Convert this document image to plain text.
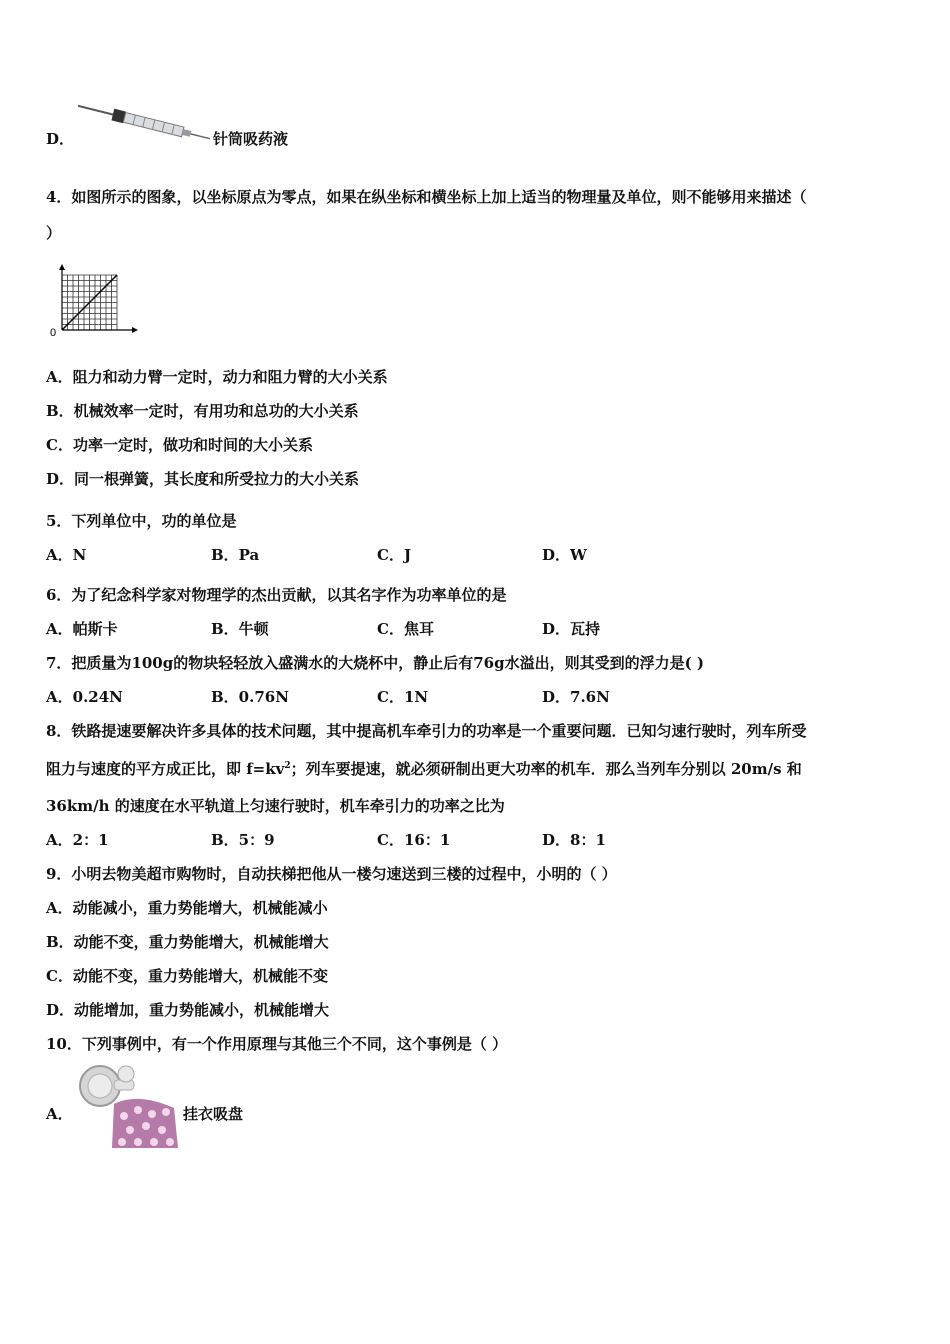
D．	针筒吸药液
4．如图所示的图象，以坐标原点为零点，如果在纵坐标和横坐标上加上适当的物理量及单位，则不能够用来描述（
）
0
A．阻力和动力臂一定时，动力和阻力臂的大小关系
B．机械效率一定时，有用功和总功的大小关系
C．功率一定时，做功和时间的大小关系
D．同一根弹簧，其长度和所受拉力的大小关系
5．下列单位中，功的单位是
A．N	B．Pa	C．J	D．W
6．为了纪念科学家对物理学的杰出贡献，以其名字作为功率单位的是
A．帕斯卡	B．牛顿	C．焦耳	D．瓦持
7．把质量为100g的物块轻轻放入盛满水的大烧杯中，静止后有76g水溢出，则其受到的浮力是( )
A．0.24N	B．0.76N	C．1N	D．7.6N
8．铁路提速要解决许多具体的技术问题，其中提高机车牵引力的功率是一个重要问题．已知匀速行驶时，列车所受
阻力与速度的平方成正比，即 $f=kv^2$；列车要提速，就必须研制出更大功率的机车．那么当列车分别以 20m/s 和
36km/h 的速度在水平轨道上匀速行驶时，机车牵引力的功率之比为
A．2：1	B．5：9	C．16：1	D．8：1
9．小明去物美超市购物时，自动扶梯把他从一楼匀速送到三楼的过程中，小明的（ ）
A．动能减小，重力势能增大，机械能减小
B．动能不变，重力势能增大，机械能增大
C．动能不变，重力势能增大，机械能不变
D．动能增加，重力势能减小，机械能增大
10．下列事例中，有一个作用原理与其他三个不同，这个事例是（ ）
A．	挂衣吸盘
